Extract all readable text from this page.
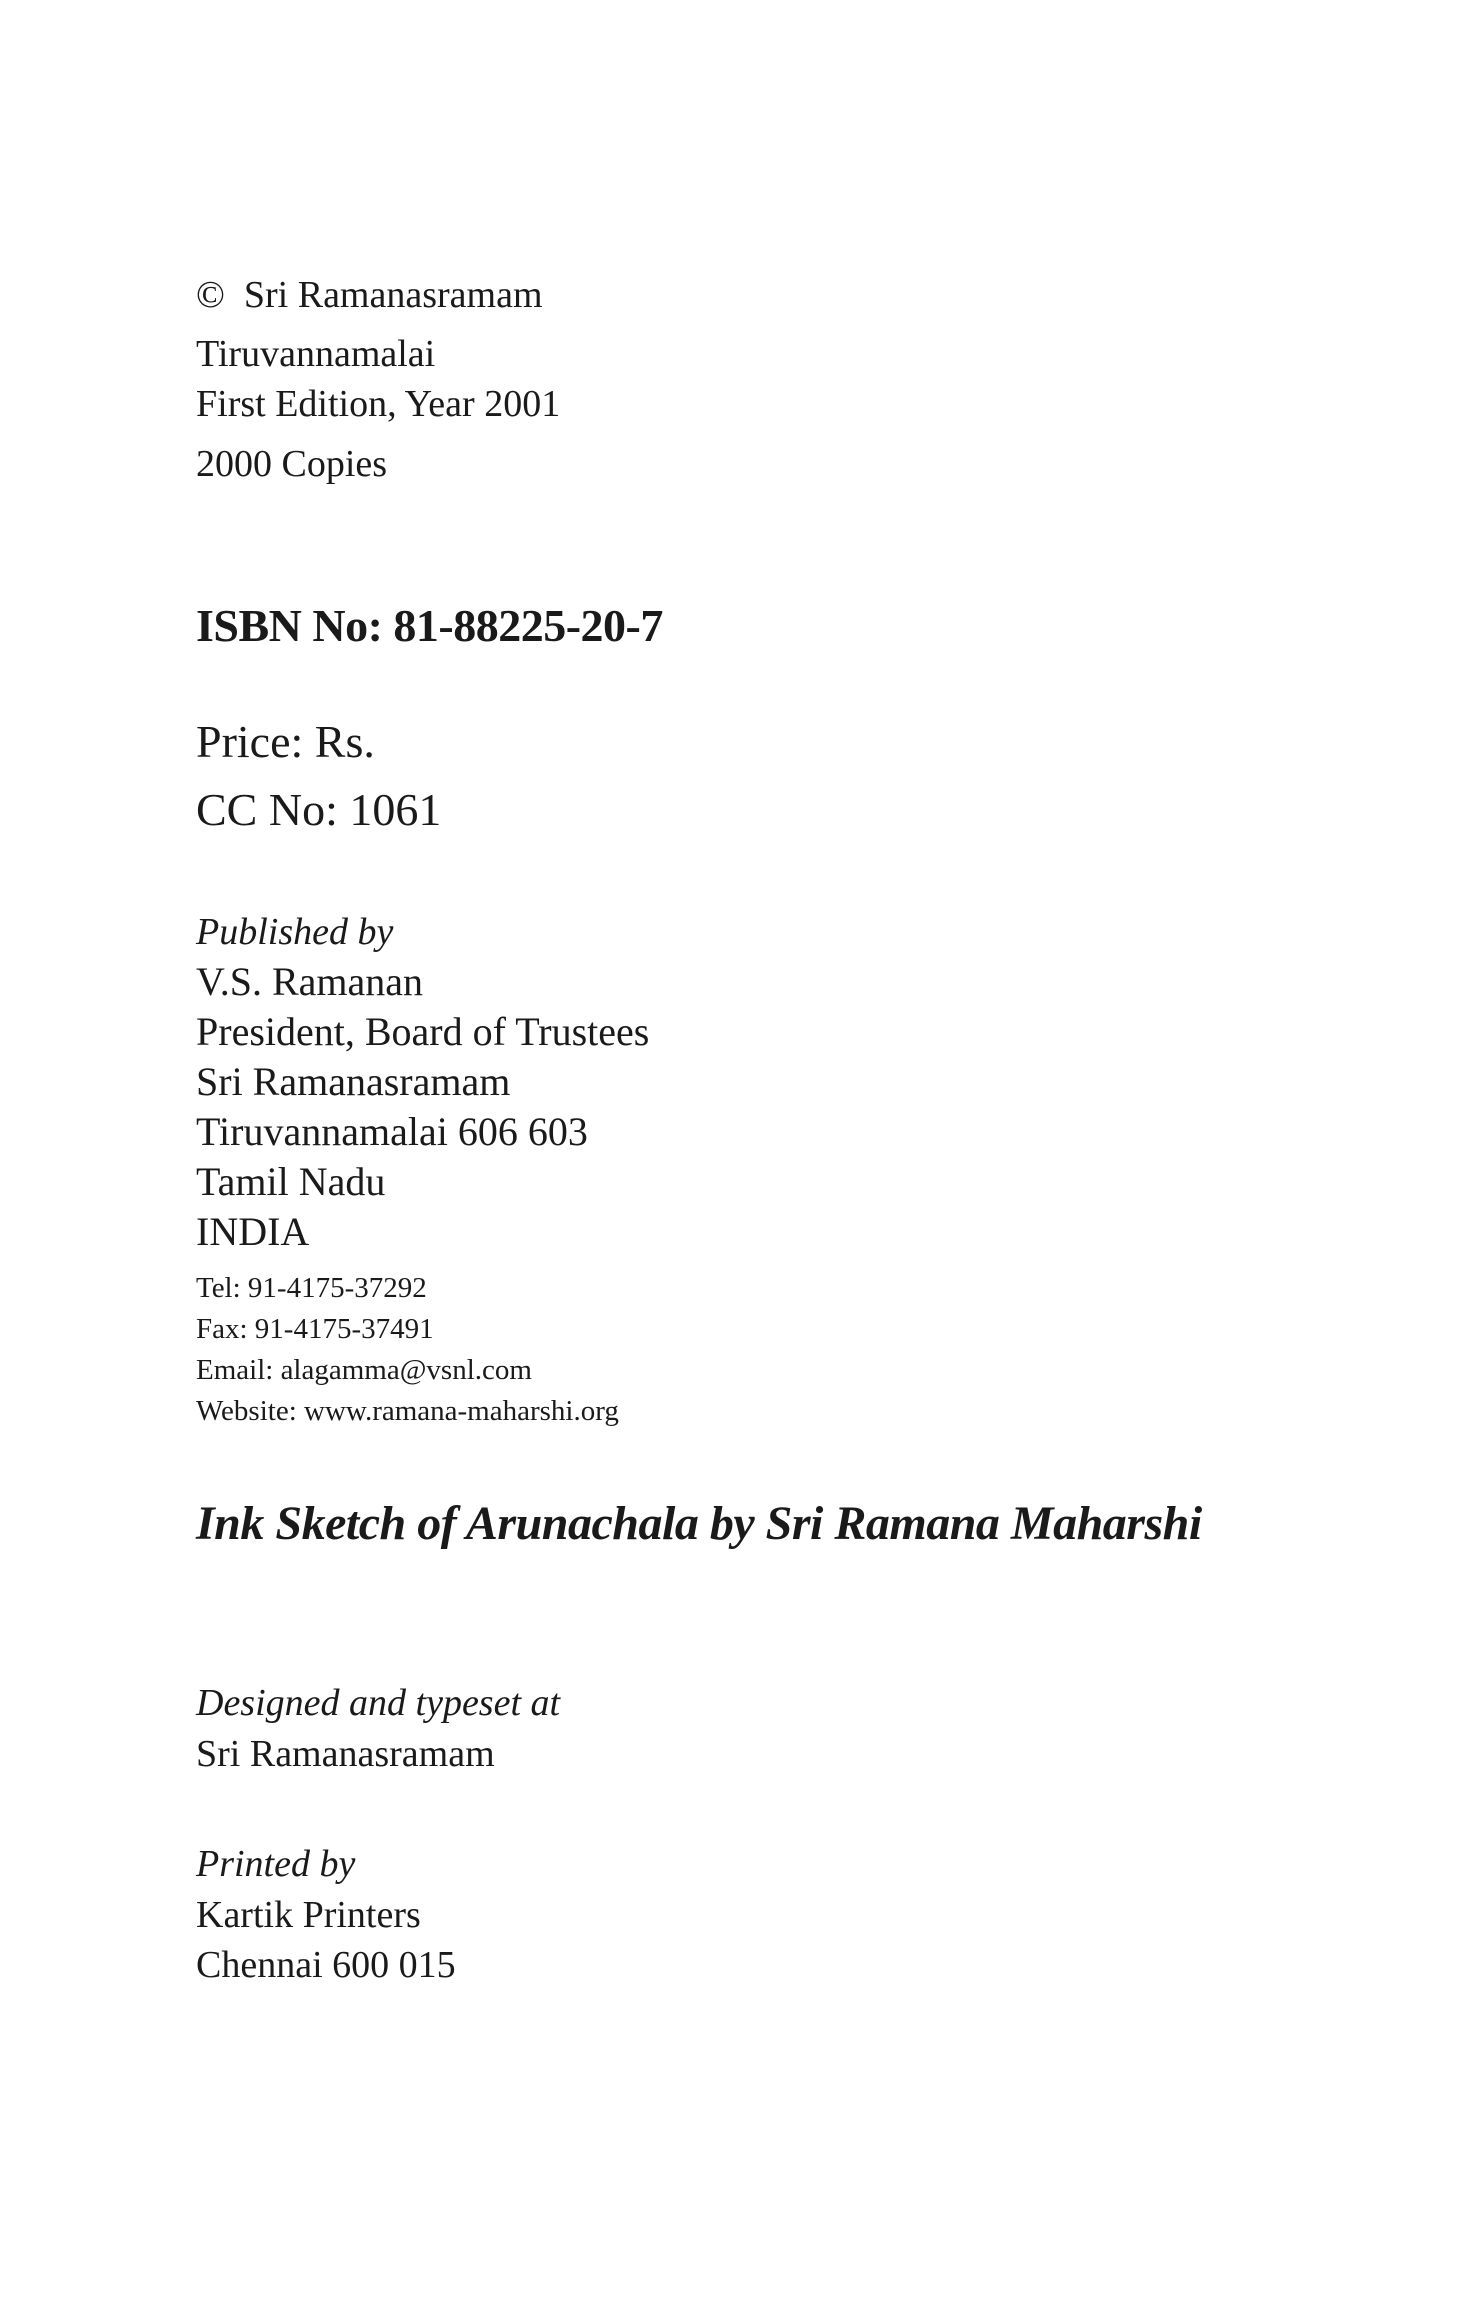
© Sri Ramanasramam
Tiruvannamalai
First Edition, Year 2001
2000 Copies
ISBN No: 81-88225-20-7
Price: Rs.
CC No: 1061
Published by
V.S. Ramanan
President, Board of Trustees
Sri Ramanasramam
Tiruvannamalai 606 603
Tamil Nadu
INDIA
Tel: 91-4175-37292
Fax: 91-4175-37491
Email: alagamma@vsnl.com
Website: www.ramana-maharshi.org
Ink Sketch of Arunachala by Sri Ramana Maharshi
Designed and typeset at
Sri Ramanasramam
Printed by
Kartik Printers
Chennai 600 015
